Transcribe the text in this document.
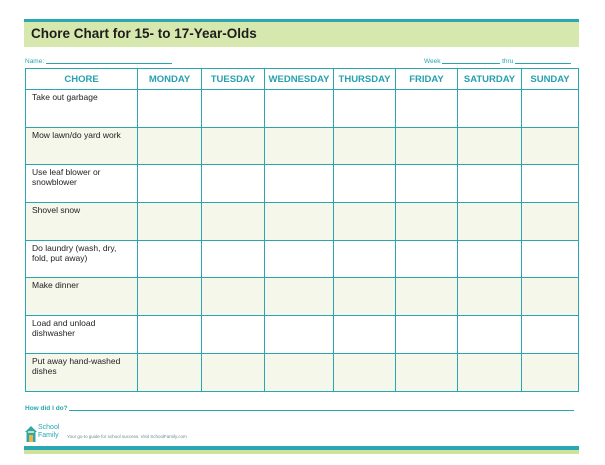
Chore Chart for 15- to 17-Year-Olds
Name:	Week	thru
CHORE	MONDAY	TUESDAY	WEDNESDAY	THURSDAY	FRIDAY	SATURDAY	SUNDAY

Take out garbage							

Mow lawn/do yard work							

Use leaf blower or
snowblower							

Shovel snow							

Do laundry (wash, dry,
fold, put away)							

Make dinner							

Load and unload
dishwasher							

Put away hand-washed
dishes							

How did I do?
School
Family Your go-to guide for school success. Visit SchoolFamily.com
